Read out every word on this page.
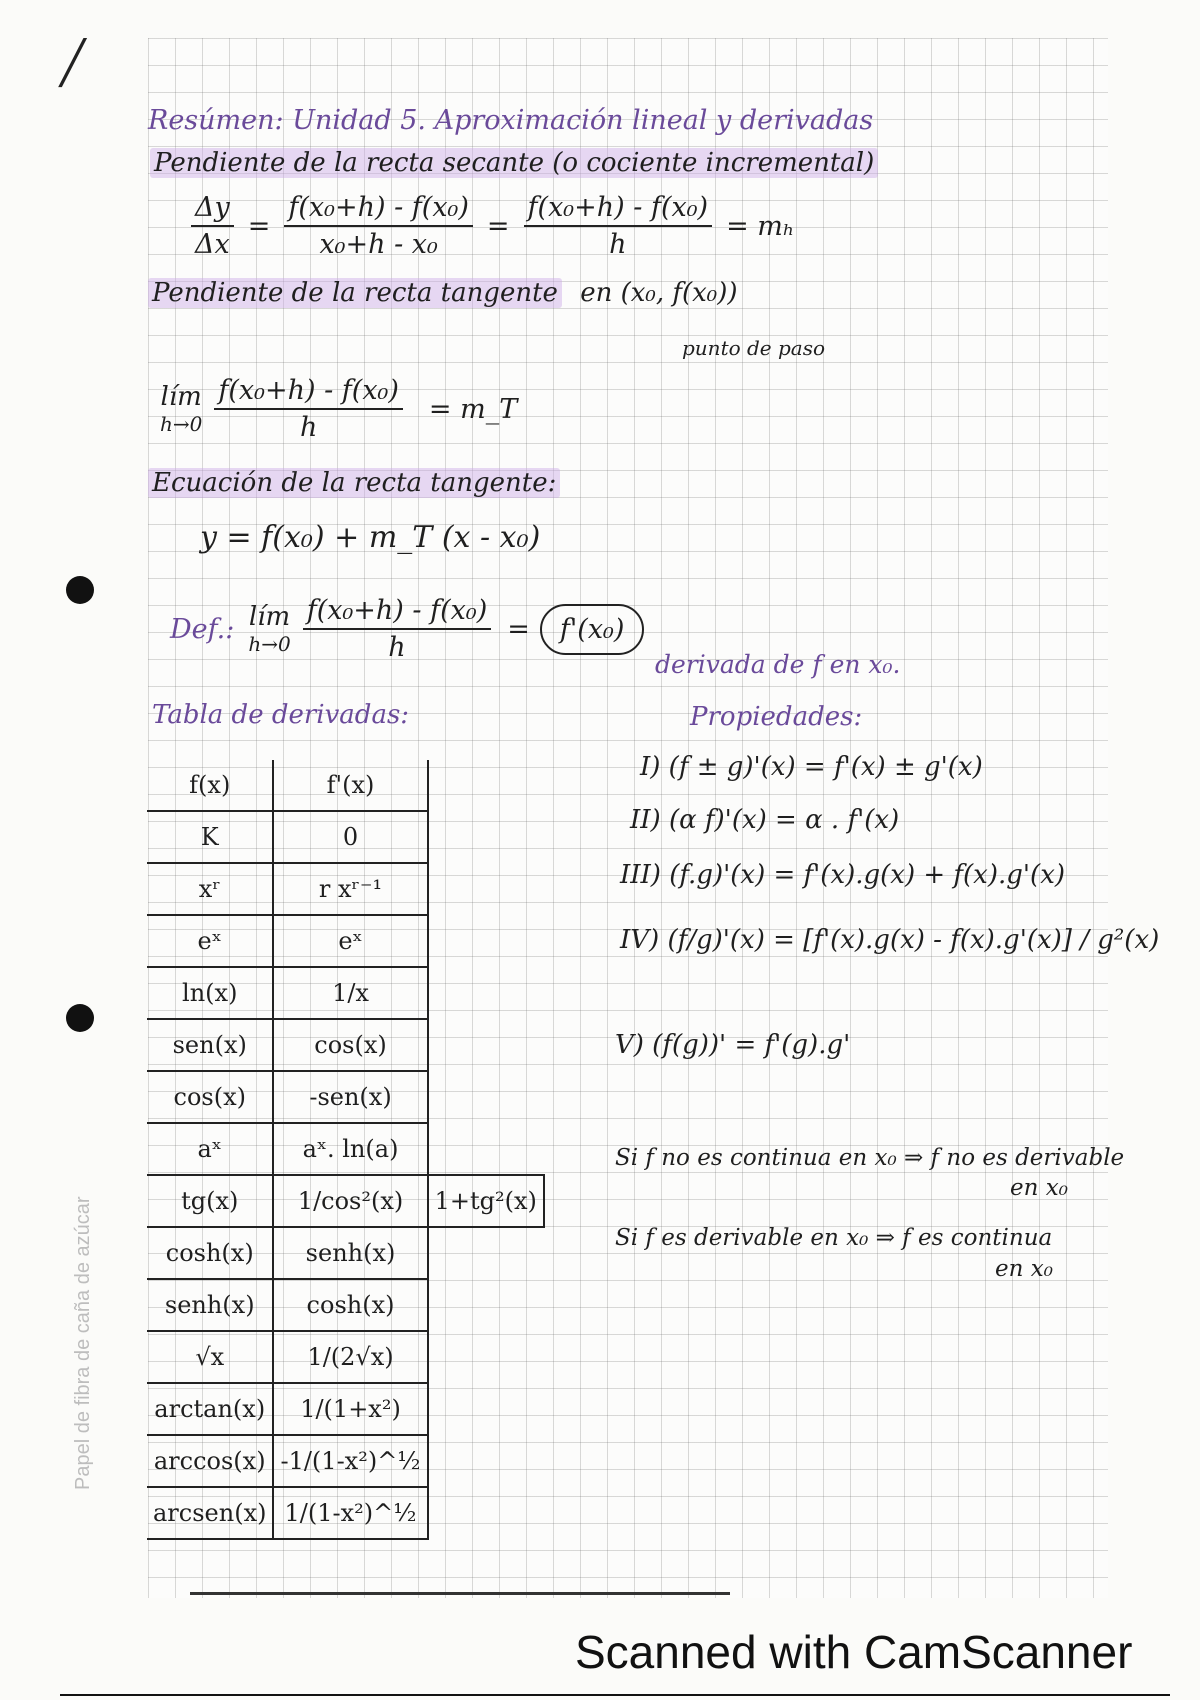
╱
Papel de fibra de caña de azúcar
Resúmen: Unidad 5. Aproximación lineal y derivadas
Pendiente de la recta secante (o cociente incremental)
$\frac{\Delta y}{\Delta x} = \frac{\text{f(x₀+h) - f(x₀)}}{\text{x₀+h - x₀}} = \frac{\text{f(x₀+h) - f(x₀)}}{h} = m_h$
Pendiente de la recta tangente en (x₀, f(x₀))
punto de paso
lím
$h\to 0 \frac{\text{f(x₀+h) - f(x₀)}}{h}$ = m_T
Ecuación de la recta tangente:
y = f(x₀) + m_T (x - x₀)
Def.: lím
$h\to 0 \frac{\text{f(x₀+h) - f(x₀)}}{h}$ =	f'(x₀)
derivada de f en x₀.
Tabla de derivadas:
f(x)	f'(x)	
K	0	
xʳ	r xʳ⁻¹	
eˣ	eˣ	
ln(x)	1/x	
sen(x)	cos(x)	
cos(x)	-sen(x)	
aˣ	aˣ. ln(a)	
tg(x)	1/cos²(x)	1+tg²(x)
cosh(x)	senh(x)	
senh(x)	cosh(x)	
√x	1/(2√x)	
arctan(x)	1/(1+x²)	
arccos(x)	-1/(1-x²)^½	
arcsen(x)	1/(1-x²)^½	
Propiedades:
I) (f ± g)'(x) = f'(x) ± g'(x)
II) (α f)'(x) = α . f'(x)
III) (f.g)'(x) = f'(x).g(x) + f(x).g'(x)
IV) (f/g)'(x) = [f'(x).g(x) - f(x).g'(x)] / g²(x)
V) (f(g))' = f'(g).g'
Si f no es continua en x₀ ⇒ f no es derivable
en x₀
Si f es derivable en x₀ ⇒ f es continua
en x₀
Scanned with CamScanner
